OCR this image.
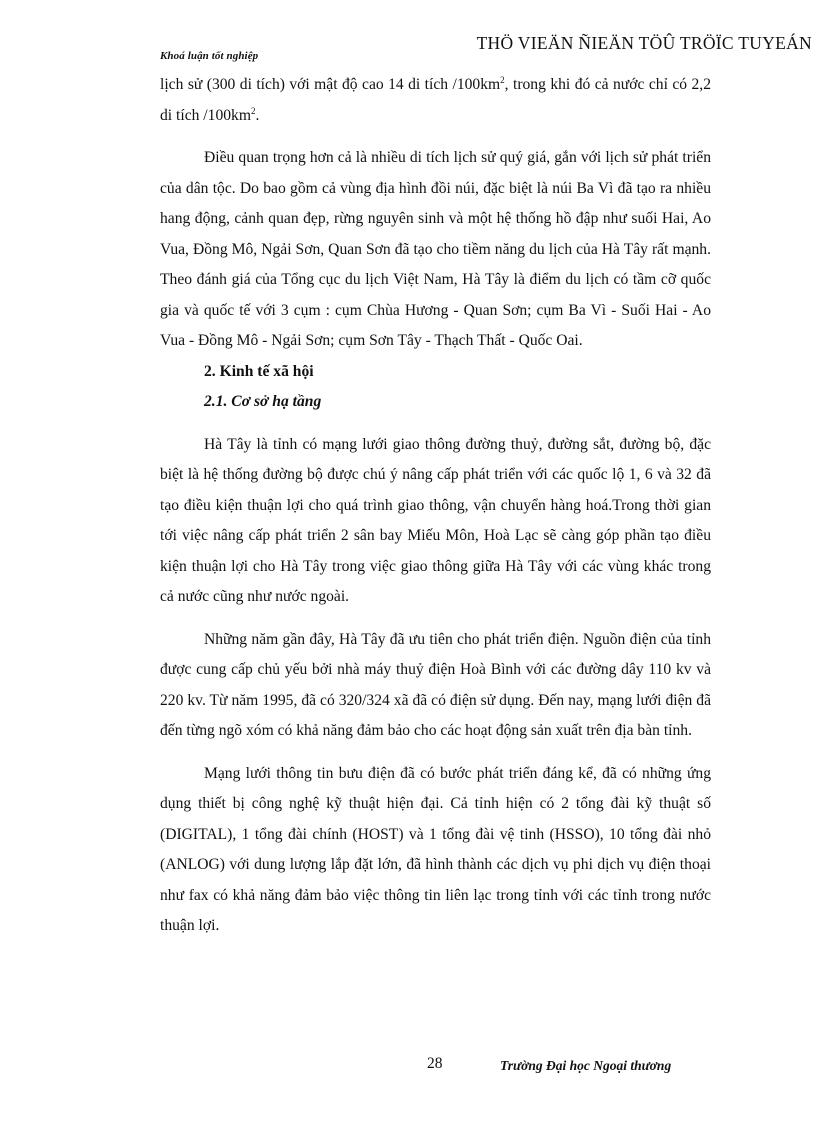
Khoá luận tốt nghiệp
THÖ VIEÄN ÑIEÄN TÖÛ TRÖÏC TUYEÁN

lịch sử (300 di tích) với mật độ cao 14 di tích $/100km^2$, trong khi đó cả nước chỉ có 2,2 di tích $/100km^2$.

Điều quan trọng hơn cả là nhiều di tích lịch sử quý giá, gắn với lịch sử phát triển của dân tộc. Do bao gồm cả vùng địa hình đồi núi, đặc biệt là núi Ba Vì đã tạo ra nhiều hang động, cảnh quan đẹp, rừng nguyên sinh và một hệ thống hồ đập như suối Hai, Ao Vua, Đồng Mô, Ngải Sơn, Quan Sơn đã tạo cho tiềm năng du lịch của Hà Tây rất mạnh. Theo đánh giá của Tổng cục du lịch Việt Nam, Hà Tây là điểm du lịch có tầm cỡ quốc gia và quốc tế với 3 cụm : cụm Chùa Hương - Quan Sơn; cụm Ba Vì - Suối Hai - Ao Vua - Đồng Mô - Ngải Sơn; cụm Sơn Tây - Thạch Thất - Quốc Oai.

2. Kinh tế xã hội

2.1. Cơ sở hạ tầng

Hà Tây là tỉnh có mạng lưới giao thông đường thuỷ, đường sắt, đường bộ, đặc biệt là hệ thống đường bộ được chú ý nâng cấp phát triển với các quốc lộ 1, 6 và 32 đã tạo điều kiện thuận lợi cho quá trình giao thông, vận chuyển hàng hoá.Trong thời gian tới việc nâng cấp phát triển 2 sân bay Miếu Môn, Hoà Lạc sẽ càng góp phần tạo điều kiện thuận lợi cho Hà Tây trong việc giao thông giữa Hà Tây với các vùng khác trong cả nước cũng như nước ngoài.

Những năm gần đây, Hà Tây đã ưu tiên cho phát triển điện. Nguồn điện của tỉnh được cung cấp chủ yếu bởi nhà máy thuỷ điện Hoà Bình với các đường dây 110 kv và 220 kv. Từ năm 1995, đã có 320/324 xã đã có điện sử dụng. Đến nay, mạng lưới điện đã đến từng ngõ xóm có khả năng đảm bảo cho các hoạt động sản xuất trên địa bàn tỉnh.

Mạng lưới thông tin bưu điện đã có bước phát triển đáng kể, đã có những ứng dụng thiết bị công nghệ kỹ thuật hiện đại. Cả tỉnh hiện có 2 tổng đài kỹ thuật số (DIGITAL), 1 tổng đài chính (HOST) và 1 tổng đài vệ tinh (HSSO), 10 tổng đài nhỏ (ANLOG) với dung lượng lắp đặt lớn, đã hình thành các dịch vụ phi dịch vụ điện thoại như fax có khả năng đảm bảo việc thông tin liên lạc trong tỉnh với các tỉnh trong nước thuận lợi.

28	Trường Đại học Ngoại thương
